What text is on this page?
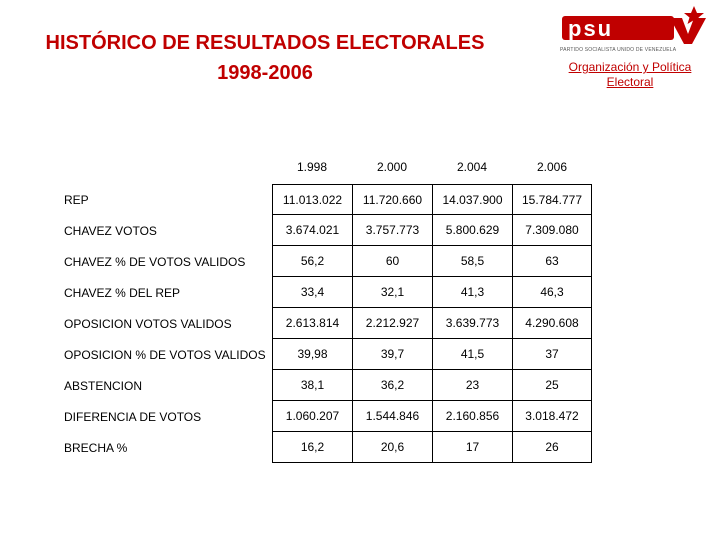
HISTÓRICO DE RESULTADOS ELECTORALES
1998-2006
psu
PARTIDO SOCIALISTA UNIDO DE VENEZUELA
Organización y Política
Electoral
1.998	2.000	2.004	2.006
REP	11.013.022	11.720.660	14.037.900	15.784.777
CHAVEZ VOTOS	3.674.021	3.757.773	5.800.629	7.309.080
CHAVEZ % DE VOTOS VALIDOS	56,2	60	58,5	63
CHAVEZ % DEL REP	33,4	32,1	41,3	46,3
OPOSICION VOTOS VALIDOS	2.613.814	2.212.927	3.639.773	4.290.608
OPOSICION % DE VOTOS VALIDOS	39,98	39,7	41,5	37
ABSTENCION	38,1	36,2	23	25
DIFERENCIA DE VOTOS	1.060.207	1.544.846	2.160.856	3.018.472
BRECHA %	16,2	20,6	17	26
